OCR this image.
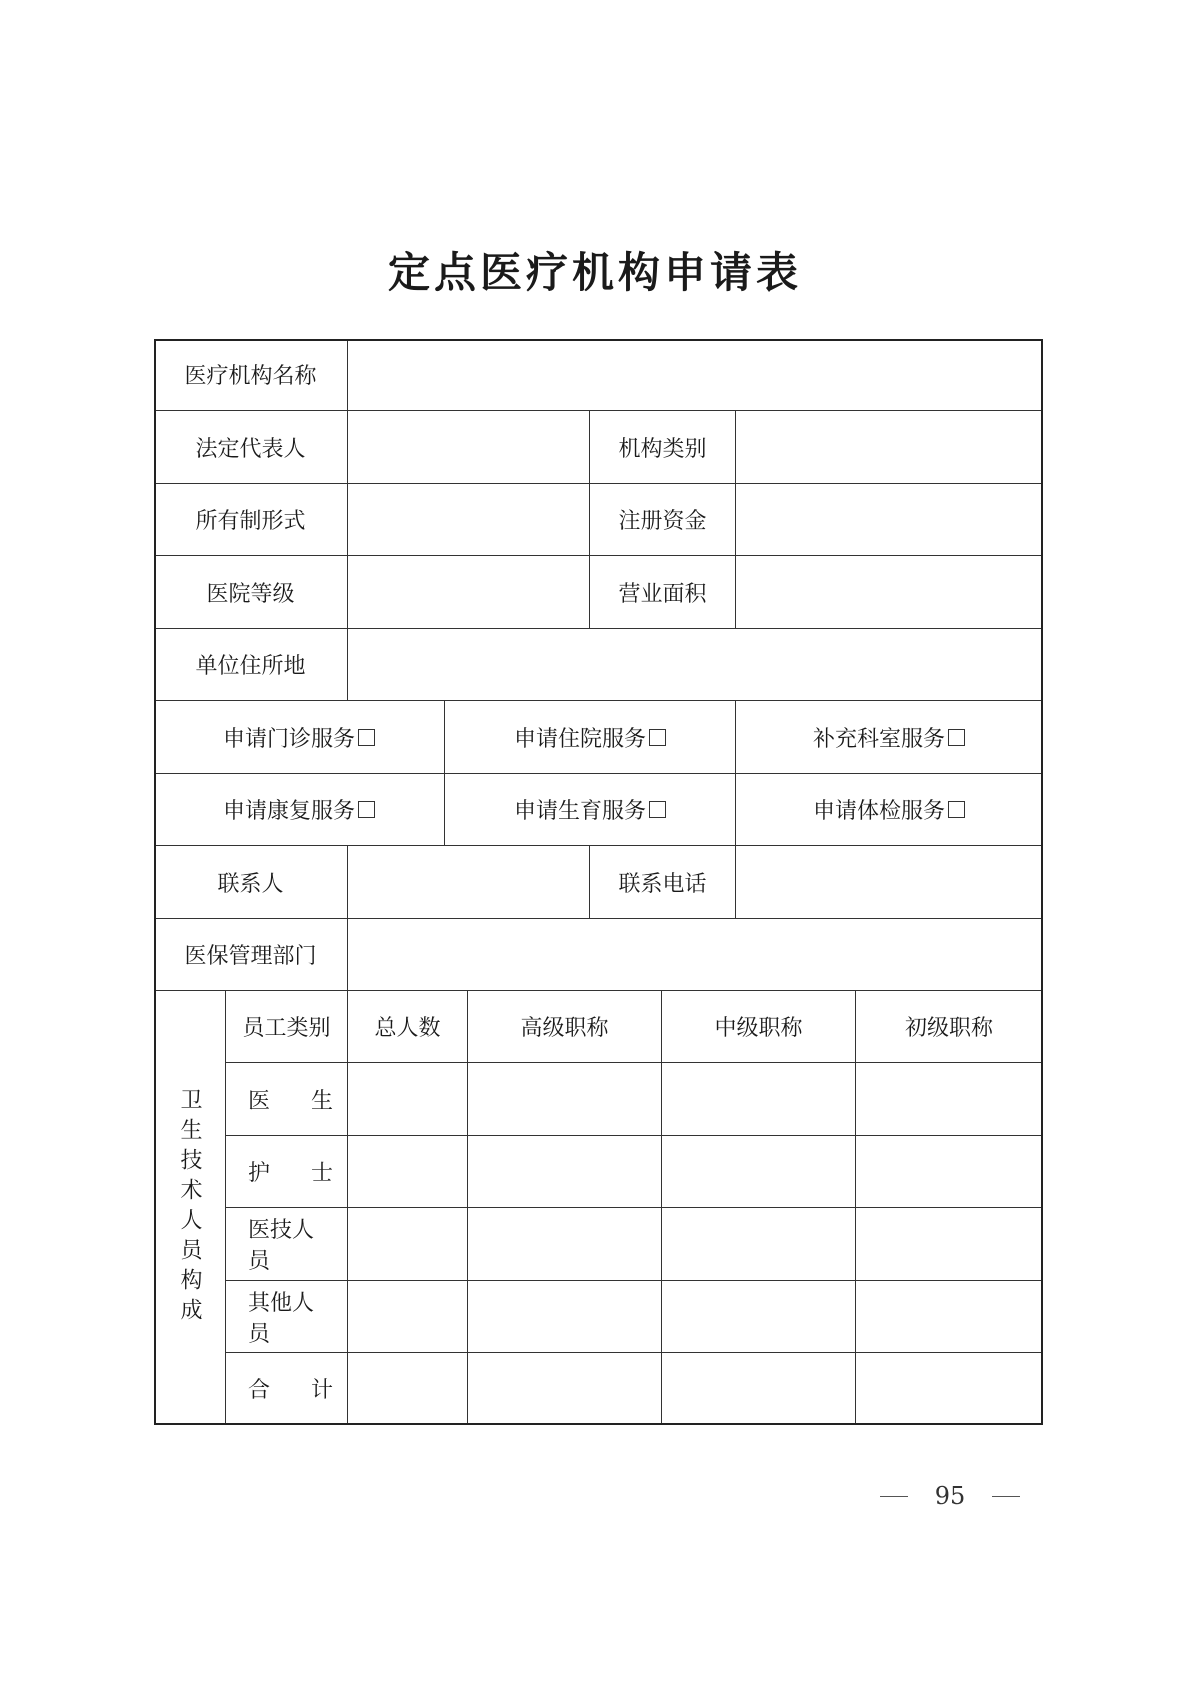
定点医疗机构申请表
医疗机构名称
法定代表人	机构类别
所有制形式	注册资金
医院等级	营业面积
单位住所地
申请门诊服务	申请住院服务	补充科室服务
申请康复服务	申请生育服务	申请体检服务
联系人	联系电话
医保管理部门
卫生技术人员构成
员工类别	总人数	高级职称	中级职称	初级职称
医 生
护 士
医技人员
其他人员
合 计
95
